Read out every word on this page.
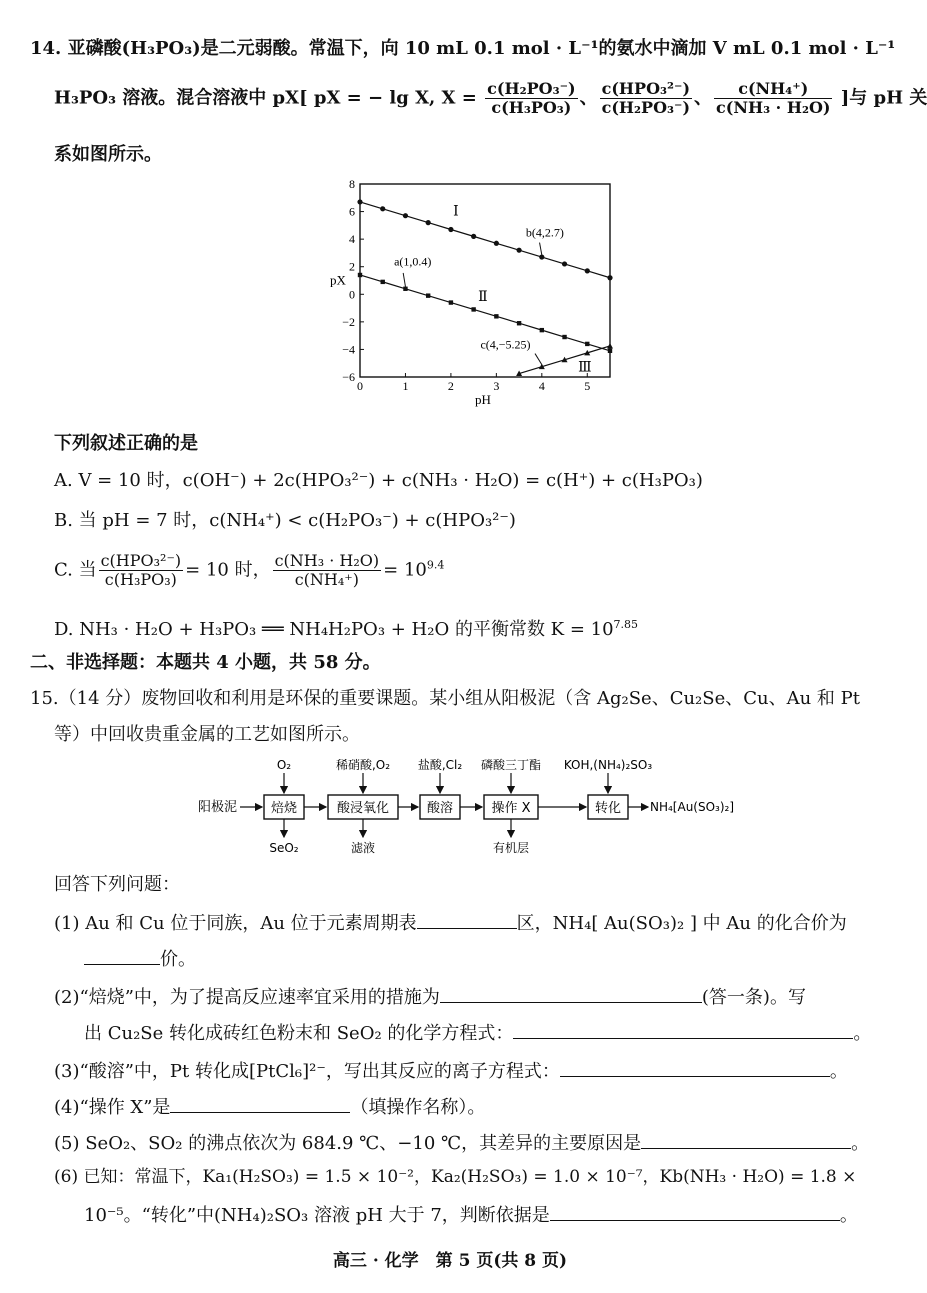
14. 亚磷酸(H₃PO₃)是二元弱酸。常温下，向 10 mL 0.1 mol · L⁻¹的氨水中滴加 V mL 0.1 mol · L⁻¹
H₃PO₃ 溶液。混合溶液中 pX[ pX = − lg X, $X = \frac{\text{c(H₂PO₃⁻)}}{\text{c(H₃PO₃)}}$ 、 $\frac{\text{c(HPO₃²⁻)}}{\text{c(H₂PO₃⁻)}}$ 、 $\frac{\text{c(NH₄⁺)}}{\text{c(NH₃ · H₂O)}}$ ]与 pH 关
系如图所示。
0	1	2	3	4	5
8
6
4
2
0
−2
−4
−6
pH
pX
Ⅰ
Ⅱ
Ⅲ
a(1,0.4)
b(4,2.7)
c(4,−5.25)
下列叙述正确的是
A. V = 10 时，c(OH⁻) + 2c(HPO₃²⁻) + c(NH₃ · H₂O) = c(H⁺) + c(H₃PO₃)
B. 当 pH = 7 时，c(NH₄⁺) < c(H₂PO₃⁻) + c(HPO₃²⁻)
C. 当 $\frac{\text{c(HPO₃²⁻)}}{\text{c(H₃PO₃)}} = 10$ 时， $\frac{\text{c(NH₃ · H₂O)}}{\text{c(NH₄⁺)}} = 10^{9.4}$
D. NH₃ · H₂O + H₃PO₃ ══ NH₄H₂PO₃ + H₂O 的平衡常数 $K = 10^{7.85}$
二、非选择题：本题共 4 小题，共 58 分。
15.（14 分）废物回收和利用是环保的重要课题。某小组从阳极泥（含 Ag₂Se、Cu₂Se、Cu、Au 和 Pt
等）中回收贵重金属的工艺如图所示。
阳极泥	焙烧	酸浸氧化	酸溶	操作 X	转化 NH₄[Au(SO₃)₂]
O₂	稀硝酸,O₂ 盐酸,Cl₂ 磷酸三丁酯 KOH,(NH₄)₂SO₃
SeO₂	滤液	有机层
回答下列问题：
(1) Au 和 Cu 位于同族，Au 位于元素周期表	区，NH₄[ Au(SO₃)₂ ] 中 Au 的化合价为
价。
(2)“焙烧”中，为了提高反应速率宜采用的措施为	(答一条)。写
出 Cu₂Se 转化成砖红色粉末和 SeO₂ 的化学方程式：	。
(3)“酸溶”中，Pt 转化成[PtCl₆]²⁻，写出其反应的离子方程式：	。
(4)“操作 X”是	（填操作名称）。
(5) SeO₂、SO₂ 的沸点依次为 684.9 ℃、−10 ℃，其差异的主要原因是	。
(6) 已知：常温下，Ka₁(H₂SO₃) = 1.5 × 10⁻²，Ka₂(H₂SO₃) = 1.0 × 10⁻⁷，Kb(NH₃ · H₂O) = 1.8 ×
10⁻⁵。“转化”中(NH₄)₂SO₃ 溶液 pH 大于 7，判断依据是	。
高三 · 化学　第 5 页(共 8 页)
